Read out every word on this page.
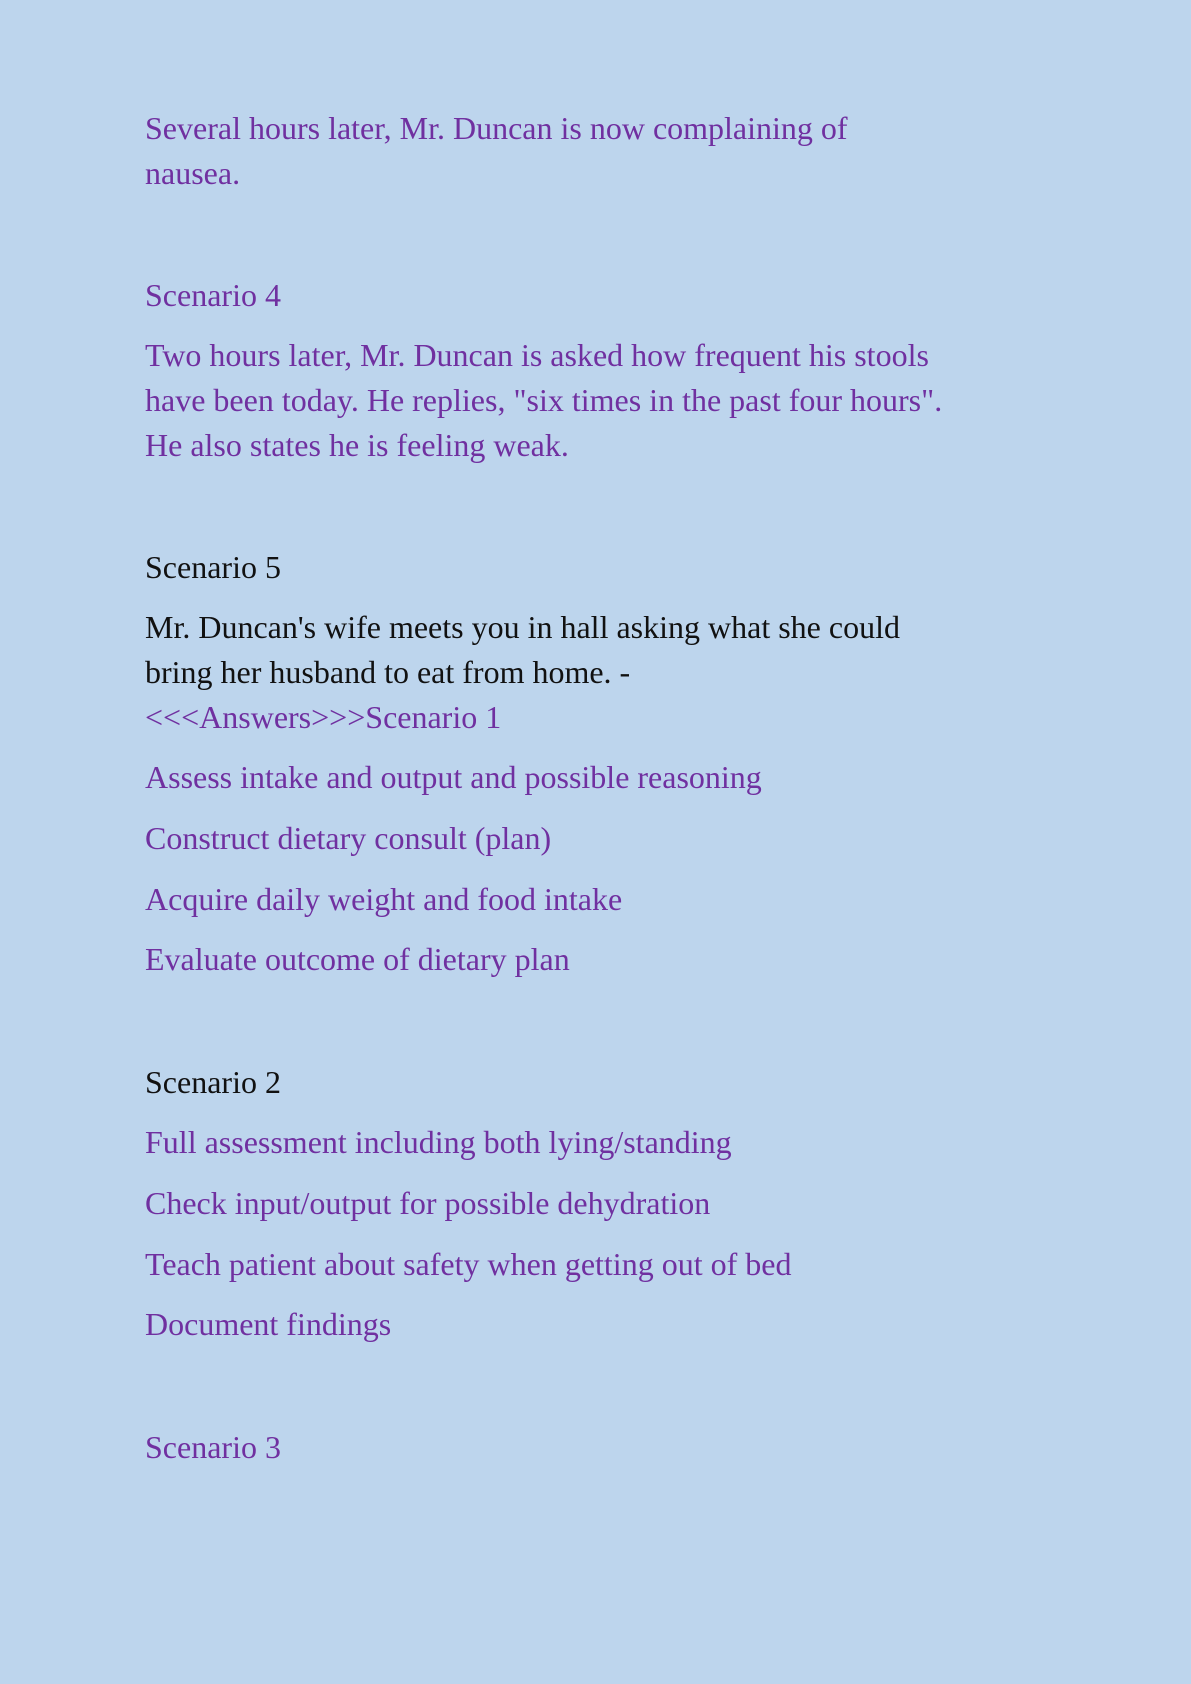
Several hours later, Mr. Duncan is now complaining of

nausea.

Scenario 4

Two hours later, Mr. Duncan is asked how frequent his stools

have been today. He replies, "six times in the past four hours".

He also states he is feeling weak.

Scenario 5

Mr. Duncan's wife meets you in hall asking what she could

bring her husband to eat from home. -

<<<Answers>>>Scenario 1

Assess intake and output and possible reasoning

Construct dietary consult (plan)

Acquire daily weight and food intake

Evaluate outcome of dietary plan

Scenario 2

Full assessment including both lying/standing

Check input/output for possible dehydration

Teach patient about safety when getting out of bed

Document findings

Scenario 3
